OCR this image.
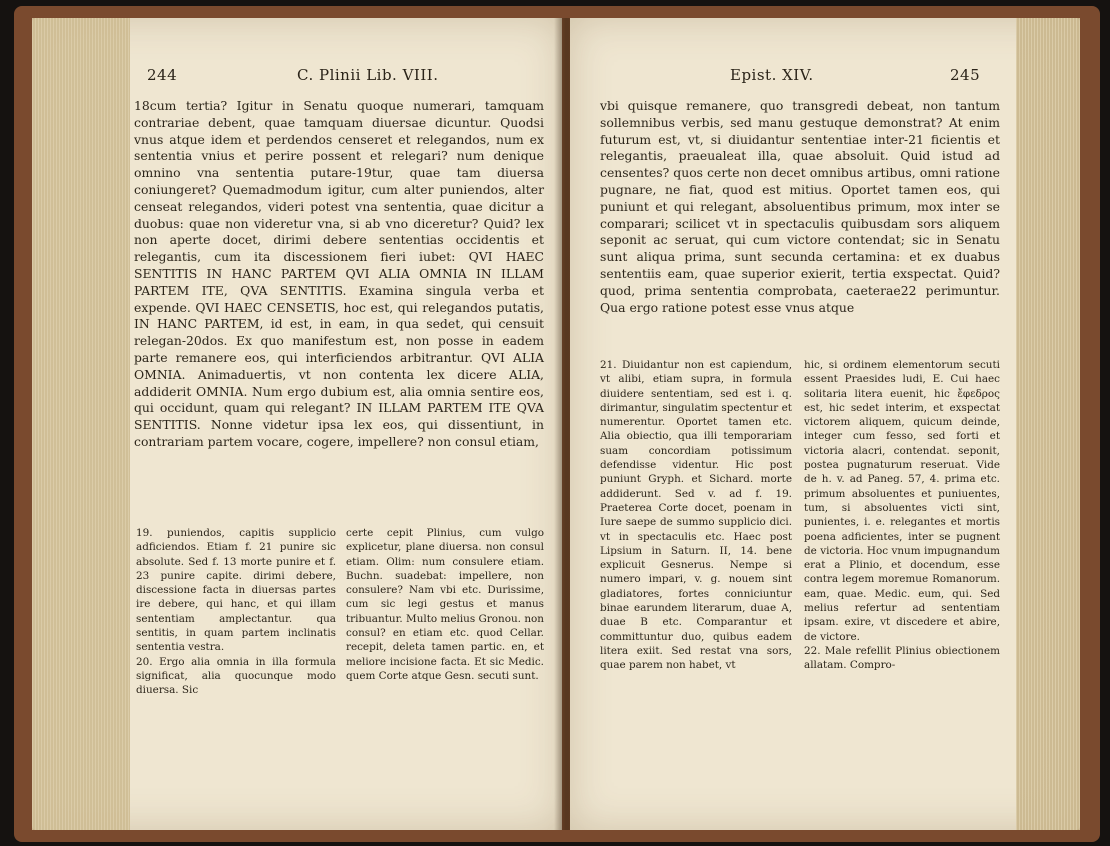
244	C. Plinii Lib. VIII.
18cum tertia? Igitur in Senatu quoque numerari, tamquam contrariae debent, quae tamquam diuersae dicuntur. Quodsi vnus atque idem et perdendos censeret et relegandos, num ex sententia vnius et perire possent et relegari? num denique omnino vna sententia putare-19tur, quae tam diuersa coniungeret? Quemadmodum igitur, cum alter puniendos, alter censeat relegandos, videri potest vna sententia, quae dicitur a duobus: quae non videretur vna, si ab vno diceretur? Quid? lex non aperte docet, dirimi debere sententias occidentis et relegantis, cum ita discessionem fieri iubet: QVI HAEC SENTITIS IN HANC PARTEM QVI ALIA OMNIA IN ILLAM PARTEM ITE, QVA SENTITIS. Examina singula verba et expende. QVI HAEC CENSETIS, hoc est, qui relegandos putatis, IN HANC PARTEM, id est, in eam, in qua sedet, qui censuit relegan-20dos. Ex quo manifestum est, non posse in eadem parte remanere eos, qui interficiendos arbitrantur. QVI ALIA OMNIA. Animaduertis, vt non contenta lex dicere ALIA, addiderit OMNIA. Num ergo dubium est, alia omnia sentire eos, qui occidunt, quam qui relegant? IN ILLAM PARTEM ITE QVA SENTITIS. Nonne videtur ipsa lex eos, qui dissentiunt, in contrariam partem vocare, cogere, impellere? non consul etiam,
19. puniendos, capitis supplicio adficiendos. Etiam f. 21 punire sic absolute. Sed f. 13 morte punire et f. 23 punire capite. dirimi debere, discessione facta in diuersas partes ire debere, qui hanc, et qui illam sententiam amplectantur. qua sentitis, in quam partem inclinatis sententia vestra.
20. Ergo alia omnia in illa formula significat, alia quocunque modo diuersa. Sic
certe cepit Plinius, cum vulgo explicetur, plane diuersa. non consul etiam. Olim: num consulere etiam. Buchn. suadebat: impellere, non consulere? Nam vbi etc. Durissime, cum sic legi gestus et manus tribuantur. Multo melius Gronou. non consul? en etiam etc. quod Cellar. recepit, deleta tamen partic. en, et meliore incisione facta. Et sic Medic. quem Corte atque Gesn. secuti sunt.
Epist. XIV.	245
vbi quisque remanere, quo transgredi debeat, non tantum sollemnibus verbis, sed manu gestuque demonstrat? At enim futurum est, vt, si diuidantur sententiae inter-21 ficientis et relegantis, praeualeat illa, quae absoluit. Quid istud ad censentes? quos certe non decet omnibus artibus, omni ratione pugnare, ne fiat, quod est mitius. Oportet tamen eos, qui puniunt et qui relegant, absoluentibus primum, mox inter se comparari; scilicet vt in spectaculis quibusdam sors aliquem seponit ac seruat, qui cum victore contendat; sic in Senatu sunt aliqua prima, sunt secunda certamina: et ex duabus sententiis eam, quae superior exierit, tertia exspectat. Quid? quod, prima sententia comprobata, caeterae22 perimuntur. Qua ergo ratione potest esse vnus atque
21. Diuidantur non est capiendum, vt alibi, etiam supra, in formula diuidere sententiam, sed est i. q. dirimantur, singulatim spectentur et numerentur. Oportet tamen etc. Alia obiectio, qua illi temporariam suam concordiam potissimum defendisse videntur. Hic post puniunt Gryph. et Sichard. morte addiderunt. Sed v. ad f. 19. Praeterea Corte docet, poenam in Iure saepe de summo supplicio dici. vt in spectaculis etc. Haec post Lipsium in Saturn. II, 14. bene explicuit Gesnerus. Nempe si numero impari, v. g. nouem sint gladiatores, fortes conniciuntur binae earundem literarum, duae A, duae B etc. Comparantur et committuntur duo, quibus eadem litera exiit. Sed restat vna sors, quae parem non habet, vt
hic, si ordinem elementorum secuti essent Praesides ludi, E. Cui haec solitaria litera euenit, hic ἔφεδρος est, hic sedet interim, et exspectat victorem aliquem, quicum deinde, integer cum fesso, sed forti et victoria alacri, contendat. seponit, postea pugnaturum reseruat. Vide de h. v. ad Paneg. 57, 4. prima etc. primum absoluentes et puniuentes, tum, si absoluentes victi sint, punientes, i. e. relegantes et mortis poena adficientes, inter se pugnent de victoria. Hoc vnum impugnandum erat a Plinio, et docendum, esse contra legem moremue Romanorum. eam, quae. Medic. eum, qui. Sed melius refertur ad sententiam ipsam. exire, vt discedere et abire, de victore.
22. Male refellit Plinius obiectionem allatam. Compro-
